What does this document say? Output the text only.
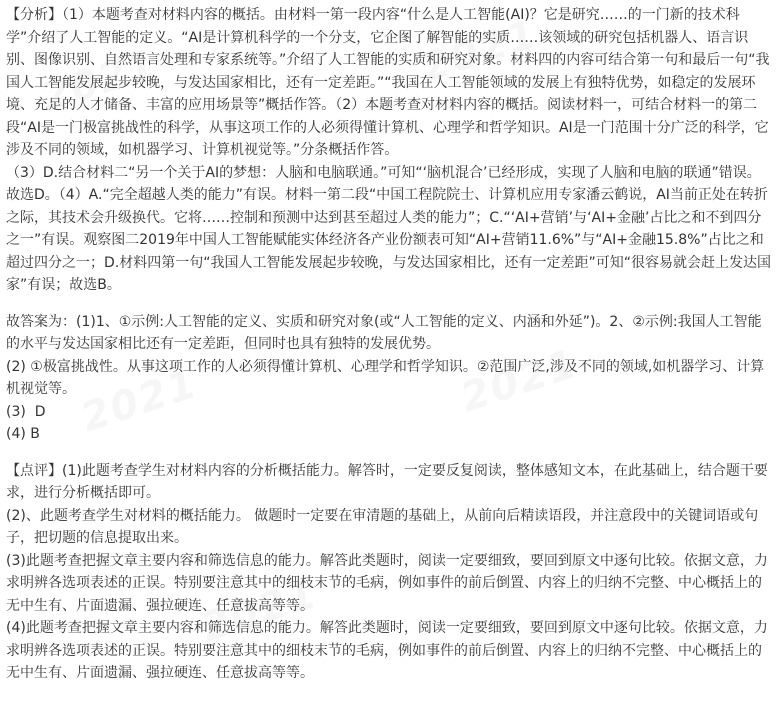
【分析】（1）本题考查对材料内容的概括。由材料一第一段内容“什么是人工智能(AI)？它是研究……的一门新的技术科学”介绍了人工智能的定义。“AI是计算机科学的一个分支，它企图了解智能的实质……该领域的研究包括机器人、语言识别、图像识别、自然语言处理和专家系统等。”介绍了人工智能的实质和研究对象。材料四的内容可结合第一句和最后一句“我国人工智能发展起步较晚，与发达国家相比，还有一定差距。”“我国在人工智能领域的发展上有独特优势，如稳定的发展环境、充足的人才储备、丰富的应用场景等”概括作答。（2）本题考查对材料内容的概括。阅读材料一，可结合材料一的第二段“AI是一门极富挑战性的科学，从事这项工作的人必须得懂计算机、心理学和哲学知识。AI是一门范围十分广泛的科学，它涉及不同的领域，如机器学习、计算机视觉等。”分条概括作答。

（3）D.结合材料二“另一个关于AI的梦想：人脑和电脑联通。”可知“‘脑机混合’已经形成，实现了人脑和电脑的联通”错误。故选D。（4）A.“完全超越人类的能力”有误。材料一第二段“中国工程院院士、计算机应用专家潘云鹤说，AI当前正处在转折之际，其技术会升级换代。它将……控制和预测中达到甚至超过人类的能力”；C.“‘AI+营销’与‘AI+金融’占比之和不到四分之一”有误。观察图二2019年中国人工智能赋能实体经济各产业份额表可知“AI+营销11.6%”与“AI+金融15.8%”占比之和超过四分之一；D.材料四第一句“我国人工智能发展起步较晚，与发达国家相比，还有一定差距”可知“很容易就会赶上发达国家”有误；故选B。

故答案为：(1)1、①示例:人工智能的定义、实质和研究对象(或“人工智能的定义、内涵和外延”)。2、②示例:我国人工智能的水平与发达国家相比还有一定差距，但同时也具有独特的发展优势。

(2) ①极富挑战性。从事这项工作的人必须得懂计算机、心理学和哲学知识。②范围广泛,涉及不同的领域,如机器学习、计算机视觉等。

(3)  D

(4) B

【点评】(1)此题考查学生对材料内容的分析概括能力。解答时，一定要反复阅读，整体感知文本，在此基础上，结合题干要求，进行分析概括即可。

(2)、此题考查学生对材料的概括能力。 做题时一定要在审清题的基础上，从前向后精读语段，并注意段中的关键词语或句子，把切题的信息提取出来。

(3)此题考查把握文章主要内容和筛选信息的能力。解答此类题时，阅读一定要细致，要回到原文中逐句比较。依据文意，力求明辨各选项表述的正误。特别要注意其中的细枝末节的毛病，例如事件的前后倒置、内容上的归纳不完整、中心概括上的无中生有、片面遗漏、强拉硬连、任意拔高等等。

(4)此题考查把握文章主要内容和筛选信息的能力。解答此类题时，阅读一定要细致，要回到原文中逐句比较。依据文意，力求明辨各选项表述的正误。特别要注意其中的细枝末节的毛病，例如事件的前后倒置、内容上的归纳不完整、中心概括上的无中生有、片面遗漏、强拉硬连、任意拔高等等。
